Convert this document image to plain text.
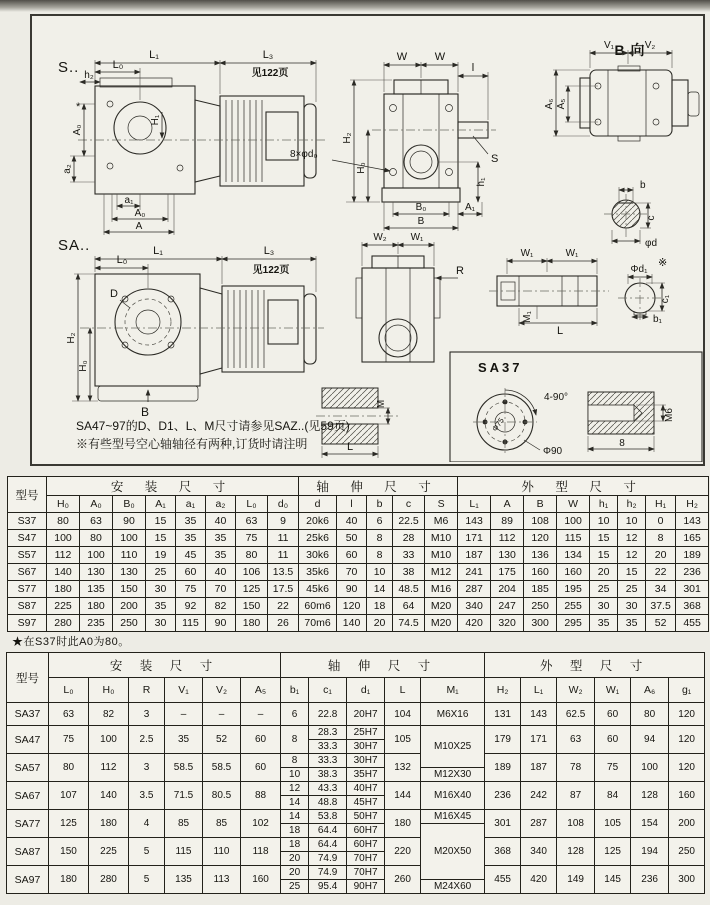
S..
L₁	L₃
见122页
L₀
h₂
H₁
A₀
*
a₂
a₁
A₀
A
W	W
l
H₂
H₀
8×φd₀	S
h₁
B₀
B
A₁
B 向
V₁	V₂
A₅
A₆
b
c
φd
SA..
D
L₁	L₃
见122页
L₀
H₂
H₀
B
W₂ W₁
R
W₁	W₁
M₁
L
Φd₁
※
c₁
b₁
M
L
SA37
4-90°
Φ75
Φ90
M6
8
SA47~97的D、D1、L、M尺寸请参见SAZ..(见59页)
※有些型号空心轴轴径有两种,订货时请注明
型号	安 装 尺 寸								轴 伸 尺 寸					外 型 尺 寸							
	H₀	A₀	B₀	A₁	a₁	a₂	L₀	d₀	d	l	b	c	S	L₁	A	B	W	h₁	h₂	H₁	H₂
S37	80	63	90	15	35	40	63	9	20k6	40	6	22.5	M6	143	89	108	100	10	10	0	143
S47	100	80	100	15	35	35	75	11	25k6	50	8	28	M10	171	112	120	115	15	12	8	165
S57	112	100	110	19	45	35	80	11	30k6	60	8	33	M10	187	130	136	134	15	12	20	189
S67	140	130	130	25	60	40	106	13.5	35k6	70	10	38	M12	241	175	160	160	20	15	22	236
S77	180	135	150	30	75	70	125	17.5	45k6	90	14	48.5	M16	287	204	185	195	25	25	34	301
S87	225	180	200	35	92	82	150	22	60m6	120	18	64	M20	340	247	250	255	30	30	37.5	368
S97	280	235	250	30	115	90	180	26	70m6	140	20	74.5	M20	420	320	300	295	35	35	52	455
★在S37时此A0为80。
型号	安 装 尺 寸						轴 伸 尺 寸					外 型 尺 寸					
	L₀	H₀	R	V₁	V₂	A₅	b₁	c₁	d₁	L	M₁	H₂	L₁	W₂	W₁	A₆	g₁
SA37	63	82	3	–	–	–	6	22.8	20H7	104	M6X16	131	143	62.5	60	80	120
SA47	75	100	2.5	35	52	60	8	28.3	25H7	105	M10X25	179	171	63	60	94	120
								33.3	30H7								
SA57	80	112	3	58.5	58.5	60	8	33.3	30H7	132		189	187	78	75	100	120
							10	38.3	35H7		M12X30						
SA67	107	140	3.5	71.5	80.5	88	12	43.3	40H7	144	M16X40	236	242	87	84	128	160
							14	48.8	45H7								
SA77	125	180	4	85	85	102	14	53.8	50H7	180	M16X45	301	287	108	105	154	200
							18	64.4	60H7		M20X50						
SA87	150	225	5	115	110	118	18	64.4	60H7	220		368	340	128	125	194	250
							20	74.9	70H7								
SA97	180	280	5	135	113	160	20	74.9	70H7	260		455	420	149	145	236	300
							25	95.4	90H7		M24X60						
